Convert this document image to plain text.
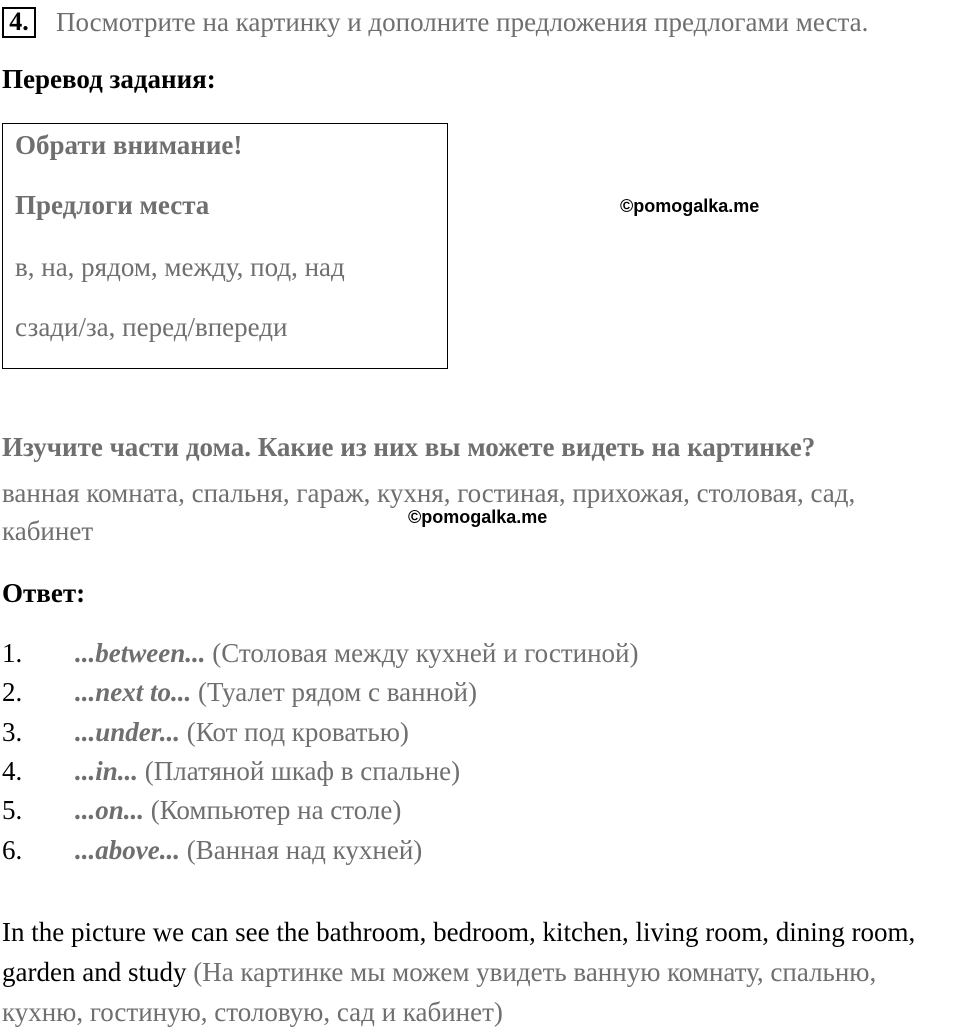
4. Посмотрите на картинку и дополните предложения предлогами места.
Перевод задания:
Обрати внимание!
Предлоги места
в, на, рядом, между, под, над
сзади/за, перед/впереди
©pomogalka.me
Изучите части дома. Какие из них вы можете видеть на картинке?
ванная комната, спальня, гараж, кухня, гостиная, прихожая, столовая, сад,
©pomogalka.me
кабинет
Ответ:
1. ...between... (Столовая между кухней и гостиной)
2. ...next to... (Туалет рядом с ванной)
3. ...under... (Кот под кроватью)
4. ...in... (Платяной шкаф в спальне)
5. ...on... (Компьютер на столе)
6. ...above... (Ванная над кухней)
In the picture we can see the bathroom, bedroom, kitchen, living room, dining room, garden and study (На картинке мы можем увидеть ванную комнату, спальню, кухню, гостиную, столовую, сад и кабинет)
